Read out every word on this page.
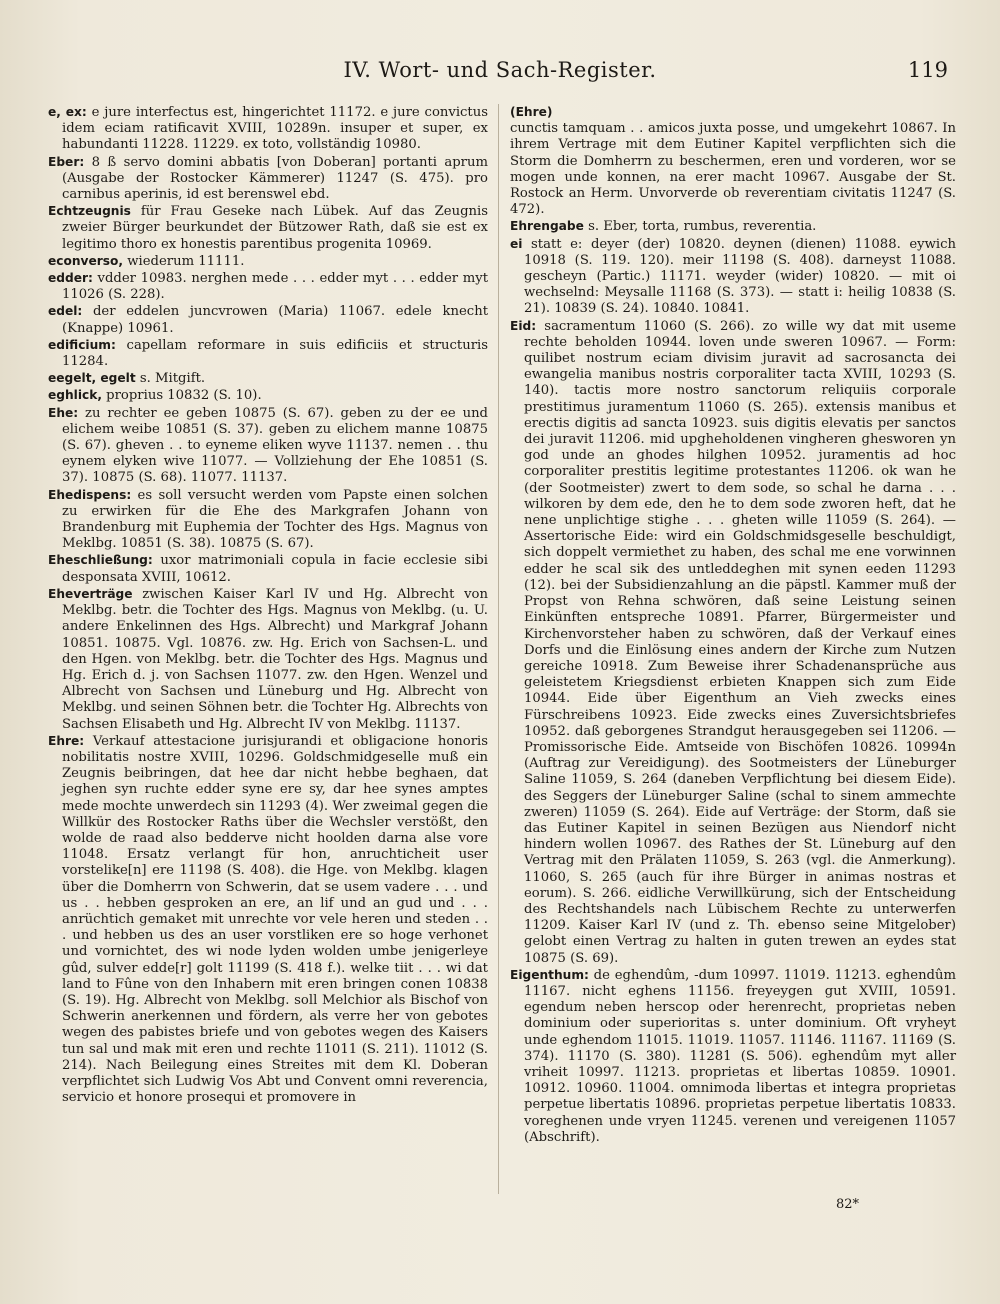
IV. Wort- und Sach-Register.	119
e, ex: e jure interfectus est, hingerichtet 11172. e jure convictus idem eciam ratificavit XVIII, 10289n. insuper et super, ex habundanti 11228. 11229. ex toto, vollständig 10980.
Eber: 8 ß servo domini abbatis [von Doberan] portanti aprum (Ausgabe der Rostocker Kämmerer) 11247 (S. 475). pro carnibus aperinis, id est berenswel ebd.
Echtzeugnis für Frau Geseke nach Lübek. Auf das Zeugnis zweier Bürger beurkundet der Bützower Rath, daß sie est ex legitimo thoro ex honestis parentibus progenita 10969.
econverso, wiederum 11111.
edder: vdder 10983. nerghen mede . . . edder myt . . . edder myt 11026 (S. 228).
edel: der eddelen juncvrowen (Maria) 11067. edele knecht (Knappe) 10961.
edificium: capellam reformare in suis edificiis et structuris 11284.
eegelt, egelt s. Mitgift.
eghlick, proprius 10832 (S. 10).
Ehe: zu rechter ee geben 10875 (S. 67). geben zu der ee und elichem weibe 10851 (S. 37). geben zu elichem manne 10875 (S. 67). gheven . . to eyneme eliken wyve 11137. nemen . . thu eynem elyken wive 11077. — Vollziehung der Ehe 10851 (S. 37). 10875 (S. 68). 11077. 11137.
Ehedispens: es soll versucht werden vom Papste einen solchen zu erwirken für die Ehe des Markgrafen Johann von Brandenburg mit Euphemia der Tochter des Hgs. Magnus von Meklbg. 10851 (S. 38). 10875 (S. 67).
Eheschließung: uxor matrimoniali copula in facie ecclesie sibi desponsata XVIII, 10612.
Eheverträge zwischen Kaiser Karl IV und Hg. Albrecht von Meklbg. betr. die Tochter des Hgs. Magnus von Meklbg. (u. U. andere Enkelinnen des Hgs. Albrecht) und Markgraf Johann 10851. 10875. Vgl. 10876. zw. Hg. Erich von Sachsen-L. und den Hgen. von Meklbg. betr. die Tochter des Hgs. Magnus und Hg. Erich d. j. von Sachsen 11077. zw. den Hgen. Wenzel und Albrecht von Sachsen und Lüneburg und Hg. Albrecht von Meklbg. und seinen Söhnen betr. die Tochter Hg. Albrechts von Sachsen Elisabeth und Hg. Albrecht IV von Meklbg. 11137.
Ehre: Verkauf attestacione jurisjurandi et obligacione honoris nobilitatis nostre XVIII, 10296. Goldschmidgeselle muß ein Zeugnis beibringen, dat hee dar nicht hebbe beghaen, dat jeghen syn ruchte edder syne ere sy, dar hee synes amptes mede mochte unwerdech sin 11293 (4). Wer zweimal gegen die Willkür des Rostocker Raths über die Wechsler verstößt, den wolde de raad also bedderve nicht hoolden darna alse vore 11048. Ersatz verlangt für hon, anruchticheit user vorstelike[n] ere 11198 (S. 408). die Hge. von Meklbg. klagen über die Domherrn von Schwerin, dat se usem vadere . . . und us . . hebben gesproken an ere, an lif und an gud und . . . anrüchtich gemaket mit unrechte vor vele heren und steden . . . und hebben us des an user vorstliken ere so hoge verhonet und vornichtet, des wi node lyden wolden umbe jenigerleye gûd, sulver edde[r] golt 11199 (S. 418 f.). welke tiit . . . wi dat land to Fûne von den Inhabern mit eren bringen conen 10838 (S. 19). Hg. Albrecht von Meklbg. soll Melchior als Bischof von Schwerin anerkennen und fördern, als verre her von gebotes wegen des pabistes briefe und von gebotes wegen des Kaisers tun sal und mak mit eren und rechte 11011 (S. 211). 11012 (S. 214). Nach Beilegung eines Streites mit dem Kl. Doberan verpflichtet sich Ludwig Vos Abt und Convent omni reverencia, servicio et honore prosequi et promovere in
(Ehre)
cunctis tamquam . . amicos juxta posse, und umgekehrt 10867. In ihrem Vertrage mit dem Eutiner Kapitel verpflichten sich die Storm die Domherrn zu beschermen, eren und vorderen, wor se mogen unde konnen, na erer macht 10967. Ausgabe der St. Rostock an Herm. Unvorverde ob reverentiam civitatis 11247 (S. 472).
Ehrengabe s. Eber, torta, rumbus, reverentia.
ei statt e: deyer (der) 10820. deynen (dienen) 11088. eywich 10918 (S. 119. 120). meir 11198 (S. 408). darneyst 11088. gescheyn (Partic.) 11171. weyder (wider) 10820. — mit oi wechselnd: Meysalle 11168 (S. 373). — statt i: heilig 10838 (S. 21). 10839 (S. 24). 10840. 10841.
Eid: sacramentum 11060 (S. 266). zo wille wy dat mit useme rechte beholden 10944. loven unde sweren 10967. — Form: quilibet nostrum eciam divisim juravit ad sacrosancta dei ewangelia manibus nostris corporaliter tacta XVIII, 10293 (S. 140). tactis more nostro sanctorum reliquiis corporale prestitimus juramentum 11060 (S. 265). extensis manibus et erectis digitis ad sancta 10923. suis digitis elevatis per sanctos dei juravit 11206. mid upgheholdenen vingheren ghesworen yn god unde an ghodes hilghen 10952. juramentis ad hoc corporaliter prestitis legitime protestantes 11206. ok wan he (der Sootmeister) zwert to dem sode, so schal he darna . . . wilkoren by dem ede, den he to dem sode zworen heft, dat he nene unplichtige stighe . . . gheten wille 11059 (S. 264). — Assertorische Eide: wird ein Goldschmidsgeselle beschuldigt, sich doppelt vermiethet zu haben, des schal me ene vorwinnen edder he scal sik des untleddeghen mit synen eeden 11293 (12). bei der Subsidienzahlung an die päpstl. Kammer muß der Propst von Rehna schwören, daß seine Leistung seinen Einkünften entspreche 10891. Pfarrer, Bürgermeister und Kirchenvorsteher haben zu schwören, daß der Verkauf eines Dorfs und die Einlösung eines andern der Kirche zum Nutzen gereiche 10918. Zum Beweise ihrer Schadenansprüche aus geleistetem Kriegsdienst erbieten Knappen sich zum Eide 10944. Eide über Eigenthum an Vieh zwecks eines Fürschreibens 10923. Eide zwecks eines Zuversichtsbriefes 10952. daß geborgenes Strandgut herausgegeben sei 11206. — Promissorische Eide. Amtseide von Bischöfen 10826. 10994n (Auftrag zur Vereidigung). des Sootmeisters der Lüneburger Saline 11059, S. 264 (daneben Verpflichtung bei diesem Eide). des Seggers der Lüneburger Saline (schal to sinem ammechte zweren) 11059 (S. 264). Eide auf Verträge: der Storm, daß sie das Eutiner Kapitel in seinen Bezügen aus Niendorf nicht hindern wollen 10967. des Rathes der St. Lüneburg auf den Vertrag mit den Prälaten 11059, S. 263 (vgl. die Anmerkung). 11060, S. 265 (auch für ihre Bürger in animas nostras et eorum). S. 266. eidliche Verwillkürung, sich der Entscheidung des Rechtshandels nach Lübischem Rechte zu unterwerfen 11209. Kaiser Karl IV (und z. Th. ebenso seine Mitgelober) gelobt einen Vertrag zu halten in guten trewen an eydes stat 10875 (S. 69).
Eigenthum: de eghendûm, -dum 10997. 11019. 11213. eghendûm 11167. nicht eghens 11156. freyeygen gut XVIII, 10591. egendum neben herscop oder herenrecht, proprietas neben dominium oder superioritas s. unter dominium. Oft vryheyt unde eghendom 11015. 11019. 11057. 11146. 11167. 11169 (S. 374). 11170 (S. 380). 11281 (S. 506). eghendûm myt aller vriheit 10997. 11213. proprietas et libertas 10859. 10901. 10912. 10960. 11004. omnimoda libertas et integra proprietas perpetue libertatis 10896. proprietas perpetue libertatis 10833. voreghenen unde vryen 11245. verenen und vereigenen 11057 (Abschrift).
82*
